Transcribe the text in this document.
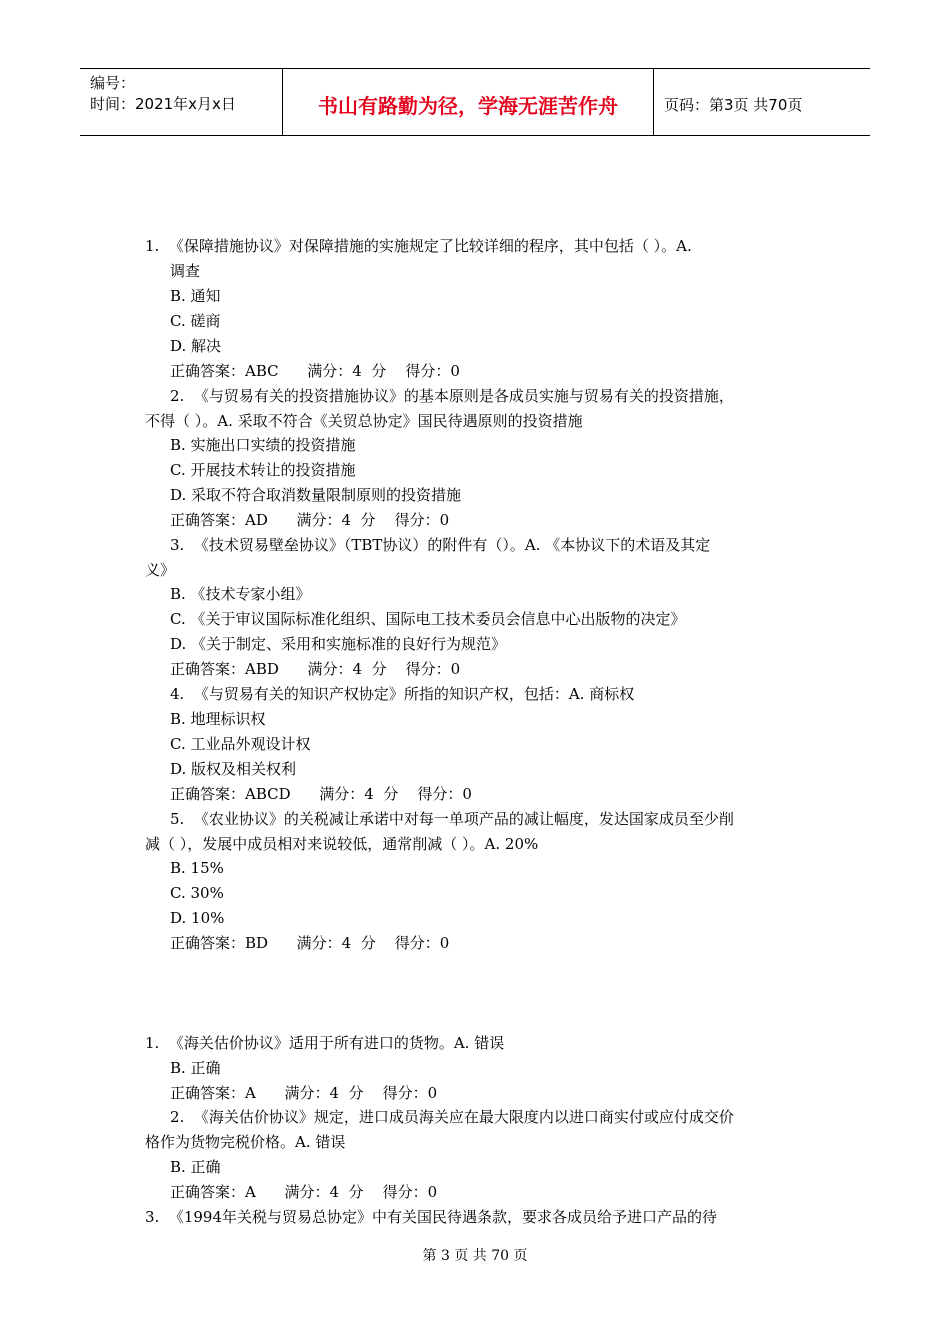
编号：
时间：2021年x月x日	书山有路勤为径，学海无涯苦作舟	页码：第3页 共70页
1.  《保障措施协议》对保障措施的实施规定了比较详细的程序，其中包括（ ）。A.
调查
B. 通知
C. 磋商
D. 解决
正确答案：ABC      满分：4  分    得分：0
2.  《与贸易有关的投资措施协议》的基本原则是各成员实施与贸易有关的投资措施，
不得（ ）。A. 采取不符合《关贸总协定》国民待遇原则的投资措施
B. 实施出口实绩的投资措施
C. 开展技术转让的投资措施
D. 采取不符合取消数量限制原则的投资措施
正确答案：AD      满分：4  分    得分：0
3.  《技术贸易壁垒协议》（TBT协议）的附件有（）。A. 《本协议下的术语及其定
义》
B. 《技术专家小组》
C. 《关于审议国际标准化组织、国际电工技术委员会信息中心出版物的决定》
D. 《关于制定、采用和实施标准的良好行为规范》
正确答案：ABD      满分：4  分    得分：0
4.  《与贸易有关的知识产权协定》所指的知识产权，包括：A. 商标权
B. 地理标识权
C. 工业品外观设计权
D. 版权及相关权利
正确答案：ABCD      满分：4  分    得分：0
5.  《农业协议》的关税减让承诺中对每一单项产品的减让幅度，发达国家成员至少削
减（ ），发展中成员相对来说较低，通常削减（ ）。A. 20%
B. 15%
C. 30%
D. 10%
正确答案：BD      满分：4  分    得分：0
1.  《海关估价协议》适用于所有进口的货物。A. 错误
B. 正确
正确答案：A      满分：4  分    得分：0
2.  《海关估价协议》规定，进口成员海关应在最大限度内以进口商实付或应付成交价
格作为货物完税价格。A. 错误
B. 正确
正确答案：A      满分：4  分    得分：0
3.  《1994年关税与贸易总协定》中有关国民待遇条款，要求各成员给予进口产品的待
第 3 页 共 70 页
